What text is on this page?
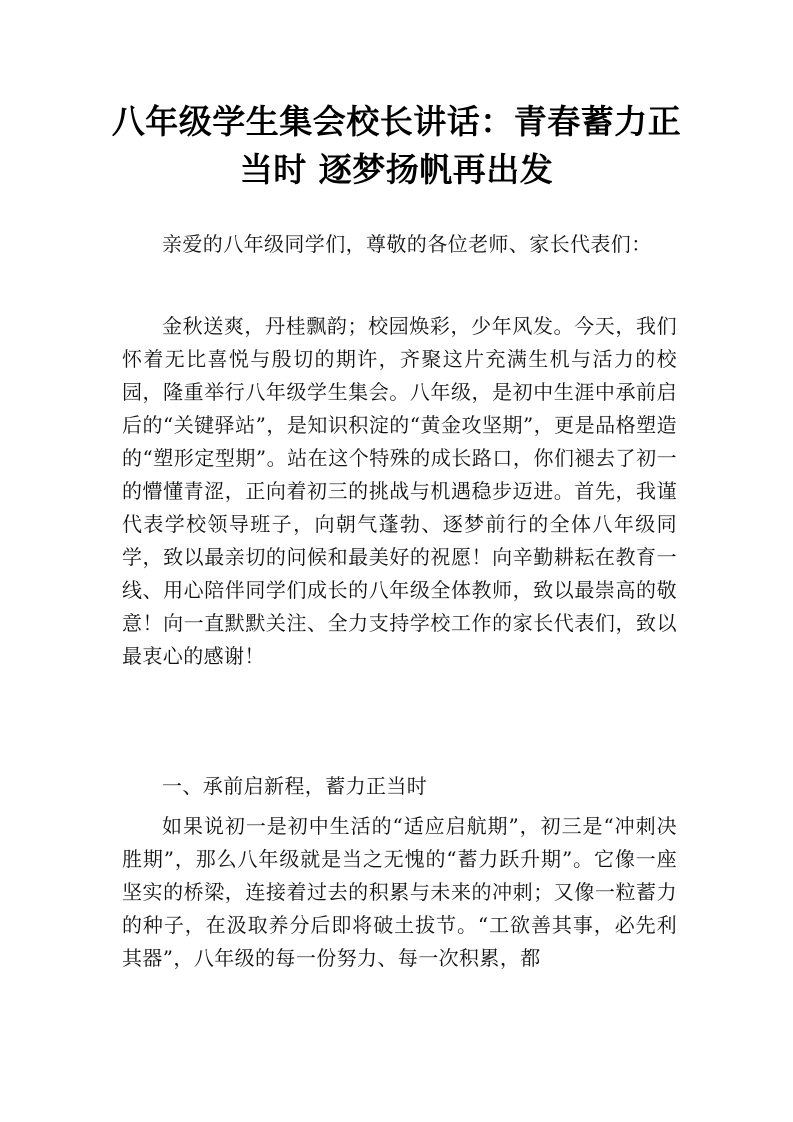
八年级学生集会校长讲话：青春蓄力正
当时 逐梦扬帆再出发

亲爱的八年级同学们，尊敬的各位老师、家长代表们：

金秋送爽，丹桂飘韵；校园焕彩，少年风发。今天，我们怀着无比喜悦与殷切的期许，齐聚这片充满生机与活力的校园，隆重举行八年级学生集会。八年级，是初中生涯中承前启后的“关键驿站”，是知识积淀的“黄金攻坚期”，更是品格塑造的“塑形定型期”。站在这个特殊的成长路口，你们褪去了初一的懵懂青涩，正向着初三的挑战与机遇稳步迈进。首先，我谨代表学校领导班子，向朝气蓬勃、逐梦前行的全体八年级同学，致以最亲切的问候和最美好的祝愿！向辛勤耕耘在教育一线、用心陪伴同学们成长的八年级全体教师，致以最崇高的敬意！向一直默默关注、全力支持学校工作的家长代表们，致以最衷心的感谢！

一、承前启新程，蓄力正当时

如果说初一是初中生活的“适应启航期”，初三是“冲刺决胜期”，那么八年级就是当之无愧的“蓄力跃升期”。它像一座坚实的桥梁，连接着过去的积累与未来的冲刺；又像一粒蓄力的种子，在汲取养分后即将破土拔节。“工欲善其事，必先利其器”，八年级的每一份努力、每一次积累，都
